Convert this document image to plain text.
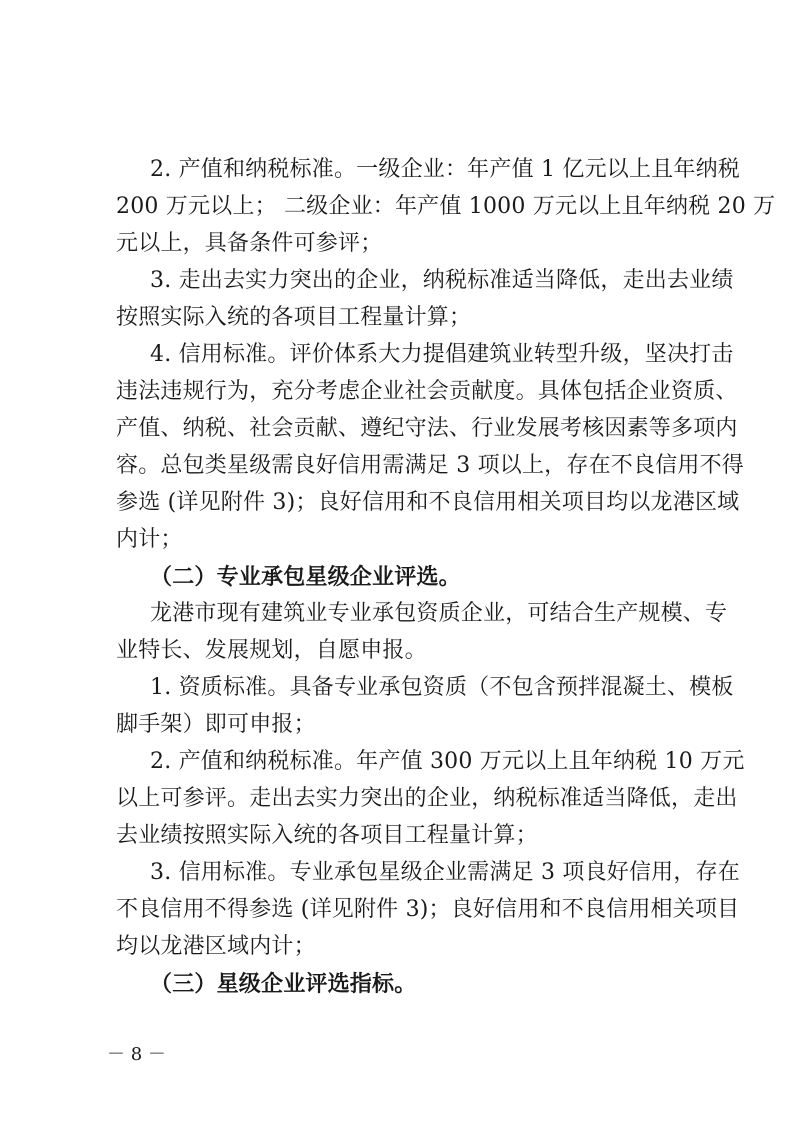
2. 产值和纳税标准。一级企业：年产值 1 亿元以上且年纳税
200 万元以上； 二级企业：年产值 1000 万元以上且年纳税 20 万
元以上，具备条件可参评；
3. 走出去实力突出的企业，纳税标准适当降低，走出去业绩
按照实际入统的各项目工程量计算；
4. 信用标准。评价体系大力提倡建筑业转型升级，坚决打击
违法违规行为，充分考虑企业社会贡献度。具体包括企业资质、
产值、纳税、社会贡献、遵纪守法、行业发展考核因素等多项内
容。总包类星级需良好信用需满足 3 项以上，存在不良信用不得
参选 (详见附件 3)；良好信用和不良信用相关项目均以龙港区域
内计；
（二）专业承包星级企业评选。
龙港市现有建筑业专业承包资质企业，可结合生产规模、专
业特长、发展规划，自愿申报。
1. 资质标准。具备专业承包资质（不包含预拌混凝土、模板
脚手架）即可申报；
2. 产值和纳税标准。年产值 300 万元以上且年纳税 10 万元
以上可参评。走出去实力突出的企业，纳税标准适当降低，走出
去业绩按照实际入统的各项目工程量计算；
3. 信用标准。专业承包星级企业需满足 3 项良好信用，存在
不良信用不得参选 (详见附件 3)；良好信用和不良信用相关项目
均以龙港区域内计；
（三）星级企业评选指标。
－ 8 －
